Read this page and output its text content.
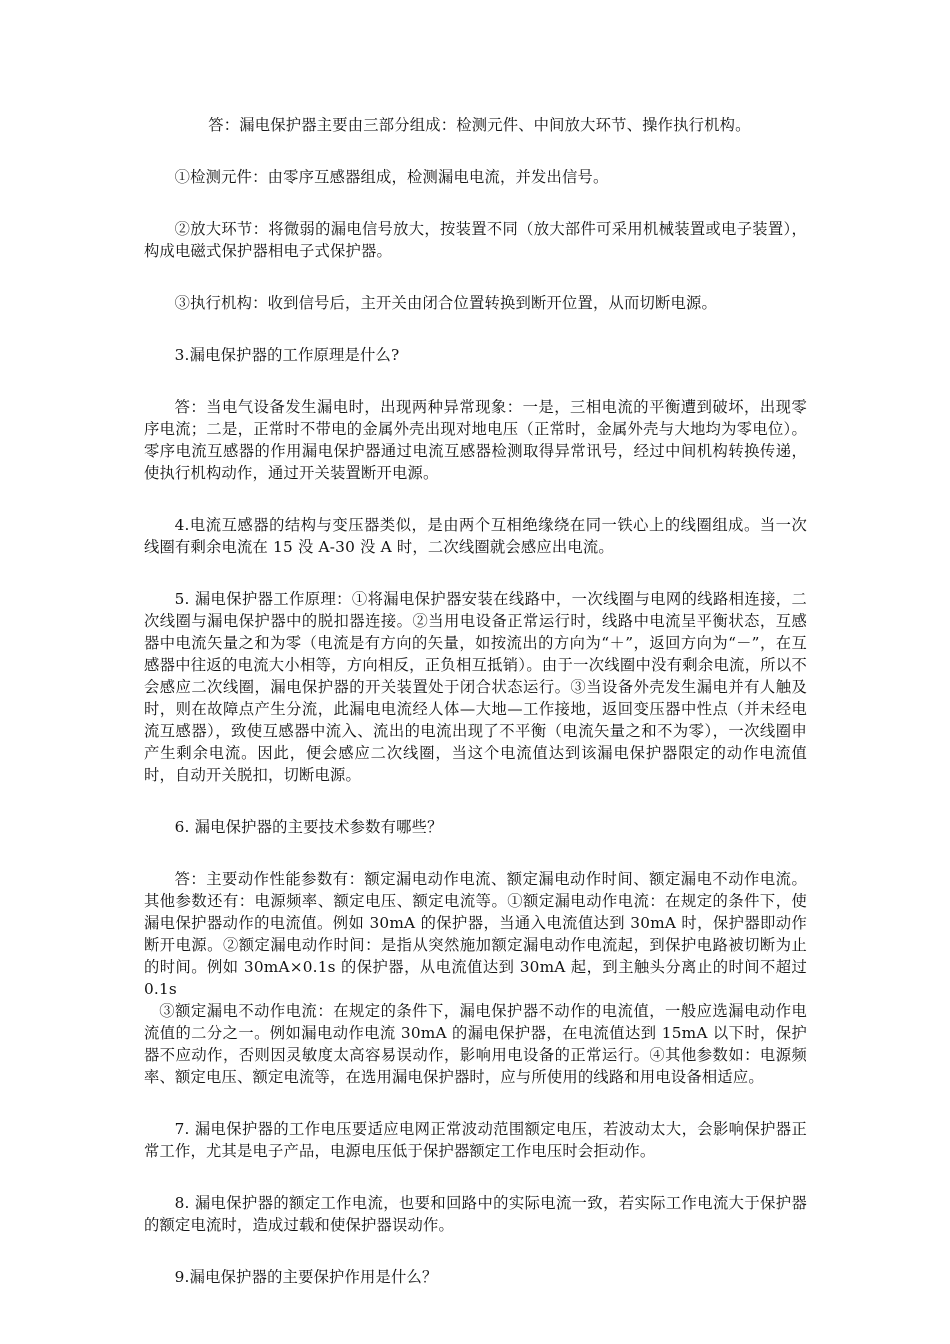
答：漏电保护器主要由三部分组成：检测元件、中间放大环节、操作执行机构。

①检测元件：由零序互感器组成，检测漏电电流，并发出信号。

②放大环节：将微弱的漏电信号放大，按装置不同（放大部件可采用机械装置或电子装置），构成电磁式保护器相电子式保护器。

③执行机构：收到信号后，主开关由闭合位置转换到断开位置，从而切断电源。

3.漏电保护器的工作原理是什么?

答：当电气设备发生漏电时，出现两种异常现象：一是，三相电流的平衡遭到破坏，出现零序电流；二是，正常时不带电的金属外壳出现对地电压（正常时，金属外壳与大地均为零电位）。零序电流互感器的作用漏电保护器通过电流互感器检测取得异常讯号，经过中间机构转换传递，使执行机构动作，通过开关装置断开电源。

4.电流互感器的结构与变压器类似，是由两个互相绝缘绕在同一铁心上的线圈组成。当一次线圈有剩余电流在 15 没 A-30 没 A 时，二次线圈就会感应出电流。

5. 漏电保护器工作原理：①将漏电保护器安装在线路中，一次线圈与电网的线路相连接，二次线圈与漏电保护器中的脱扣器连接。②当用电设备正常运行时，线路中电流呈平衡状态，互感器中电流矢量之和为零（电流是有方向的矢量，如按流出的方向为“＋”，返回方向为“－”，在互感器中往返的电流大小相等，方向相反，正负相互抵销）。由于一次线圈中没有剩余电流，所以不会感应二次线圈，漏电保护器的开关装置处于闭合状态运行。③当设备外壳发生漏电并有人触及时，则在故障点产生分流，此漏电电流经人体—大地—工作接地，返回变压器中性点（并未经电流互感器），致使互感器中流入、流出的电流出现了不平衡（电流矢量之和不为零），一次线圈申产生剩余电流。因此，便会感应二次线圈，当这个电流值达到该漏电保护器限定的动作电流值时，自动开关脱扣，切断电源。

6. 漏电保护器的主要技术参数有哪些？

答：主要动作性能参数有：额定漏电动作电流、额定漏电动作时间、额定漏电不动作电流。其他参数还有：电源频率、额定电压、额定电流等。①额定漏电动作电流：在规定的条件下，使漏电保护器动作的电流值。例如 30mA 的保护器，当通入电流值达到 30mA 时，保护器即动作断开电源。②额定漏电动作时间：是指从突然施加额定漏电动作电流起，到保护电路被切断为止的时间。例如 30mA×0.1s 的保护器，从电流值达到 30mA 起，到主触头分离止的时间不超过 0.1s

③额定漏电不动作电流：在规定的条件下，漏电保护器不动作的电流值，一般应选漏电动作电流值的二分之一。例如漏电动作电流 30mA 的漏电保护器，在电流值达到 15mA 以下时，保护器不应动作，否则因灵敏度太高容易误动作，影响用电设备的正常运行。④其他参数如：电源频率、额定电压、额定电流等，在选用漏电保护器时，应与所使用的线路和用电设备相适应。

7. 漏电保护器的工作电压要适应电网正常波动范围额定电压，若波动太大，会影响保护器正常工作，尤其是电子产品，电源电压低于保护器额定工作电压时会拒动作。

8. 漏电保护器的额定工作电流，也要和回路中的实际电流一致，若实际工作电流大于保护器的额定电流时，造成过载和使保护器误动作。

9.漏电保护器的主要保护作用是什么？
